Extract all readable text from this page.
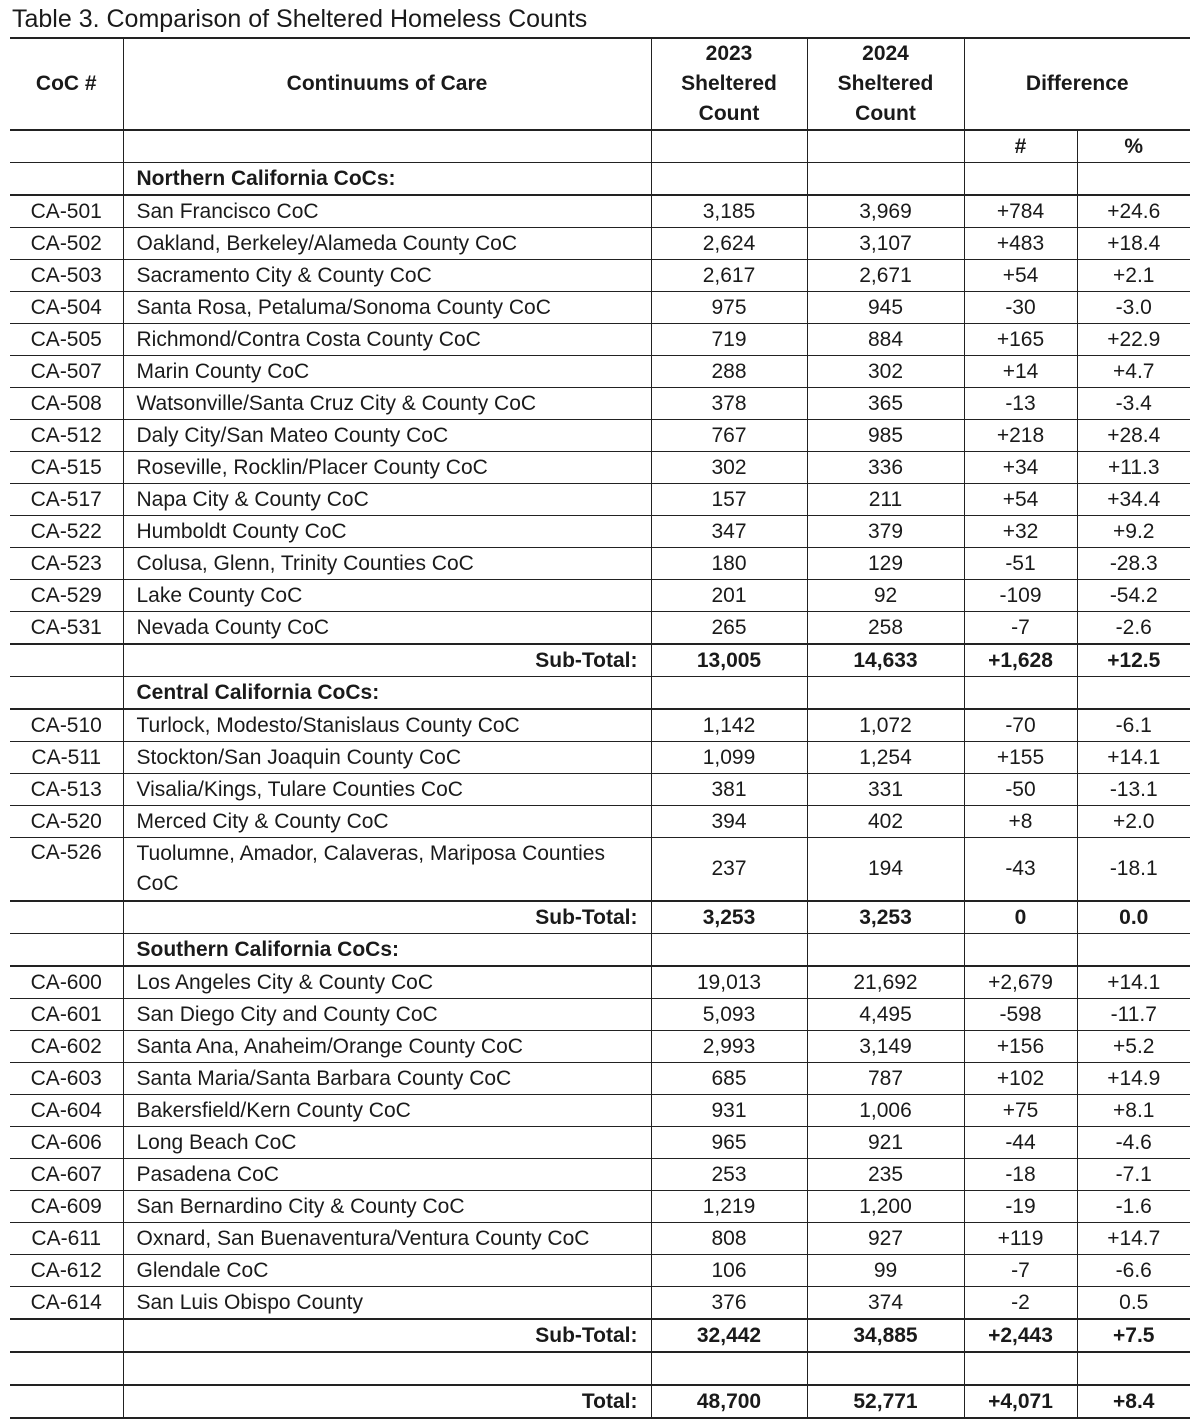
Table 3. Comparison of Sheltered Homeless Counts
CoC #	Continuums of Care	2023 Sheltered Count	2024 Sheltered Count	Difference	
				#	%
	Northern California CoCs:				
CA-501	San Francisco CoC	3,185	3,969	+784	+24.6
CA-502	Oakland, Berkeley/Alameda County CoC	2,624	3,107	+483	+18.4
CA-503	Sacramento City & County CoC	2,617	2,671	+54	+2.1
CA-504	Santa Rosa, Petaluma/Sonoma County CoC	975	945	-30	-3.0
CA-505	Richmond/Contra Costa County CoC	719	884	+165	+22.9
CA-507	Marin County CoC	288	302	+14	+4.7
CA-508	Watsonville/Santa Cruz City & County CoC	378	365	-13	-3.4
CA-512	Daly City/San Mateo County CoC	767	985	+218	+28.4
CA-515	Roseville, Rocklin/Placer County CoC	302	336	+34	+11.3
CA-517	Napa City & County CoC	157	211	+54	+34.4
CA-522	Humboldt County CoC	347	379	+32	+9.2
CA-523	Colusa, Glenn, Trinity Counties CoC	180	129	-51	-28.3
CA-529	Lake County CoC	201	92	-109	-54.2
CA-531	Nevada County CoC	265	258	-7	-2.6
	Sub-Total:	13,005	14,633	+1,628	+12.5
	Central California CoCs:				
CA-510	Turlock, Modesto/Stanislaus County CoC	1,142	1,072	-70	-6.1
CA-511	Stockton/San Joaquin County CoC	1,099	1,254	+155	+14.1
CA-513	Visalia/Kings, Tulare Counties CoC	381	331	-50	-13.1
CA-520	Merced City & County CoC	394	402	+8	+2.0
CA-526	Tuolumne, Amador, Calaveras, Mariposa Counties CoC	237	194	-43	-18.1
	Sub-Total:	3,253	3,253	0	0.0
	Southern California CoCs:				
CA-600	Los Angeles City & County CoC	19,013	21,692	+2,679	+14.1
CA-601	San Diego City and County CoC	5,093	4,495	-598	-11.7
CA-602	Santa Ana, Anaheim/Orange County CoC	2,993	3,149	+156	+5.2
CA-603	Santa Maria/Santa Barbara County CoC	685	787	+102	+14.9
CA-604	Bakersfield/Kern County CoC	931	1,006	+75	+8.1
CA-606	Long Beach CoC	965	921	-44	-4.6
CA-607	Pasadena CoC	253	235	-18	-7.1
CA-609	San Bernardino City & County CoC	1,219	1,200	-19	-1.6
CA-611	Oxnard, San Buenaventura/Ventura County CoC	808	927	+119	+14.7
CA-612	Glendale CoC	106	99	-7	-6.6
CA-614	San Luis Obispo County	376	374	-2	0.5
	Sub-Total:	32,442	34,885	+2,443	+7.5

	Total:	48,700	52,771	+4,071	+8.4
